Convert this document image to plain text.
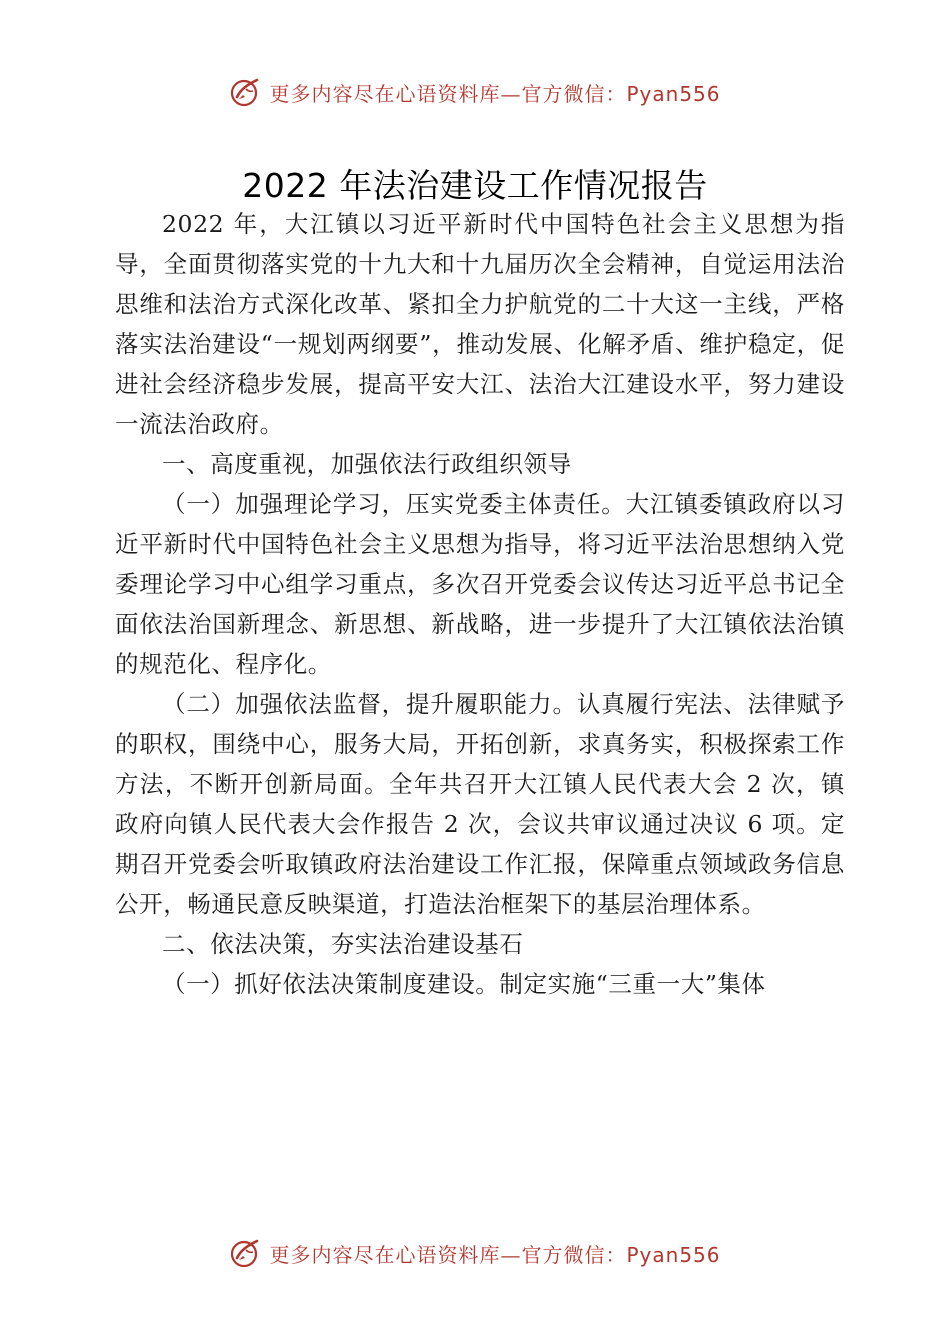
更多内容尽在心语资料库—官方微信：Pyan556
2022 年法治建设工作情况报告

2022 年，大江镇以习近平新时代中国特色社会主义思想为指导，全面贯彻落实党的十九大和十九届历次全会精神，自觉运用法治思维和法治方式深化改革、紧扣全力护航党的二十大这一主线，严格落实法治建设“一规划两纲要”，推动发展、化解矛盾、维护稳定，促进社会经济稳步发展，提高平安大江、法治大江建设水平，努力建设一流法治政府。

一、高度重视，加强依法行政组织领导

（一）加强理论学习，压实党委主体责任。大江镇委镇政府以习近平新时代中国特色社会主义思想为指导，将习近平法治思想纳入党委理论学习中心组学习重点，多次召开党委会议传达习近平总书记全面依法治国新理念、新思想、新战略，进一步提升了大江镇依法治镇的规范化、程序化。

（二）加强依法监督，提升履职能力。认真履行宪法、法律赋予的职权，围绕中心，服务大局，开拓创新，求真务实，积极探索工作方法，不断开创新局面。全年共召开大江镇人民代表大会 2 次，镇政府向镇人民代表大会作报告 2 次，会议共审议通过决议 6 项。定期召开党委会听取镇政府法治建设工作汇报，保障重点领域政务信息公开，畅通民意反映渠道，打造法治框架下的基层治理体系。

二、依法决策，夯实法治建设基石

（一）抓好依法决策制度建设。制定实施“三重一大”集体

更多内容尽在心语资料库—官方微信：Pyan556
